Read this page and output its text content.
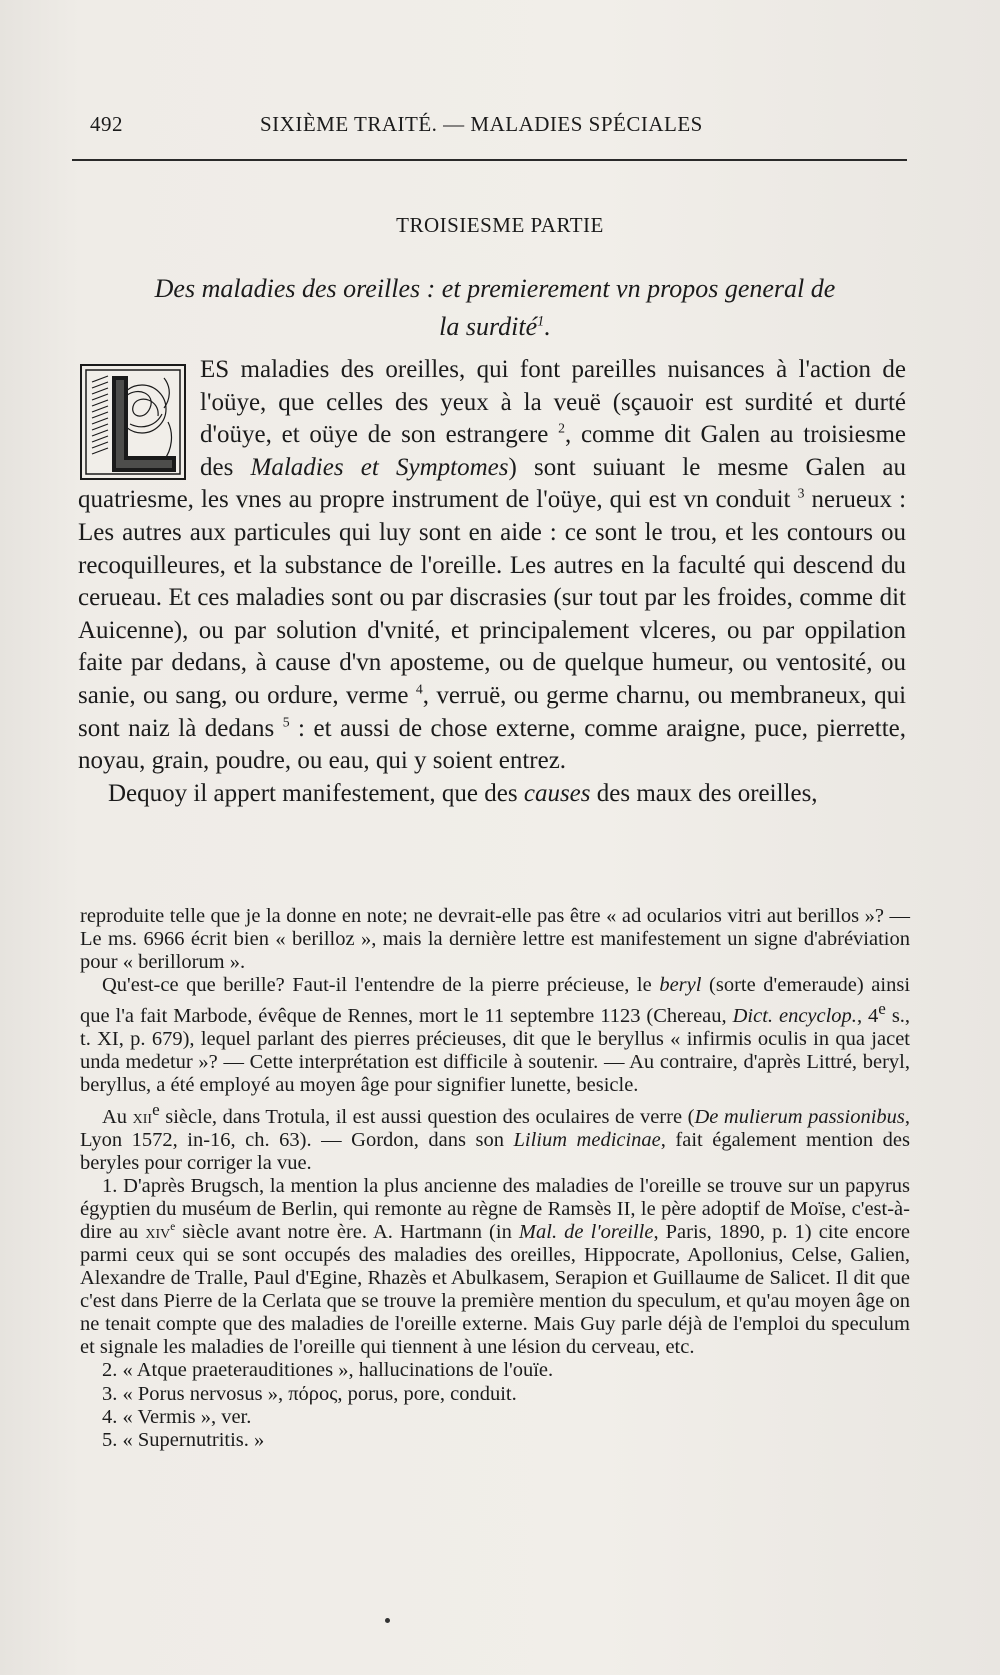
492	SIXIÈME TRAITÉ. — MALADIES SPÉCIALES
TROISIESME PARTIE
Des maladies des oreilles : et premierement vn propos general de la surdité$^1$.

ES maladies des oreilles, qui font pareilles nuisances à l'action de l'oüye, que celles des yeux à la veuë (sçauoir est surdité et durté d'oüye, et oüye de son estrangere $^2$, comme dit Galen au troisiesme des Maladies et Symptomes) sont suiuant le mesme Galen au quatriesme, les vnes au propre instrument de l'oüye, qui est vn conduit $^3$ nerueux : Les autres aux particules qui luy sont en aide : ce sont le trou, et les contours ou recoquilleures, et la substance de l'oreille. Les autres en la faculté qui descend du cerueau. Et ces maladies sont ou par discrasies (sur tout par les froides, comme dit Auicenne), ou par solution d'vnité, et principalement vlceres, ou par oppilation faite par dedans, à cause d'vn aposteme, ou de quelque humeur, ou ventosité, ou sanie, ou sang, ou ordure, verme $^4$, verruë, ou germe charnu, ou membraneux, qui sont naiz là dedans $^5$ : et aussi de chose externe, comme araigne, puce, pierrette, noyau, grain, poudre, ou eau, qui y soient entrez.

Dequoy il appert manifestement, que des causes des maux des oreilles,

reproduite telle que je la donne en note; ne devrait-elle pas être « ad ocularios vitri aut berillos »? — Le ms. 6966 écrit bien « berilloz », mais la dernière lettre est manifestement un signe d'abréviation pour « berillorum ».

Qu'est-ce que berille? Faut-il l'entendre de la pierre précieuse, le beryl (sorte d'emeraude) ainsi que l'a fait Marbode, évêque de Rennes, mort le 11 septembre 1123 (Chereau, Dict. encyclop., 4e s., t. XI, p. 679), lequel parlant des pierres précieuses, dit que le beryllus « infirmis oculis in qua jacet unda medetur »? — Cette interprétation est difficile à soutenir. — Au contraire, d'après Littré, beryl, beryllus, a été employé au moyen âge pour signifier lunette, besicle.

Au xii$^e$ siècle, dans Trotula, il est aussi question des oculaires de verre (De mulierum passionibus, Lyon 1572, in-16, ch. 63). — Gordon, dans son Lilium medicinae, fait également mention des beryles pour corriger la vue.

1. D'après Brugsch, la mention la plus ancienne des maladies de l'oreille se trouve sur un papyrus égyptien du muséum de Berlin, qui remonte au règne de Ramsès II, le père adoptif de Moïse, c'est-à-dire au xiv$^e$ siècle avant notre ère. A. Hartmann (in Mal. de l'oreille, Paris, 1890, p. 1) cite encore parmi ceux qui se sont occupés des maladies des oreilles, Hippocrate, Apollonius, Celse, Galien, Alexandre de Tralle, Paul d'Egine, Rhazès et Abulkasem, Serapion et Guillaume de Salicet. Il dit que c'est dans Pierre de la Cerlata que se trouve la première mention du speculum, et qu'au moyen âge on ne tenait compte que des maladies de l'oreille externe. Mais Guy parle déjà de l'emploi du speculum et signale les maladies de l'oreille qui tiennent à une lésion du cerveau, etc.

2. « Atque praeterauditiones », hallucinations de l'ouïe.

3. « Porus nervosus », πόρος, porus, pore, conduit.

4. « Vermis », ver.

5. « Supernutritis. »
